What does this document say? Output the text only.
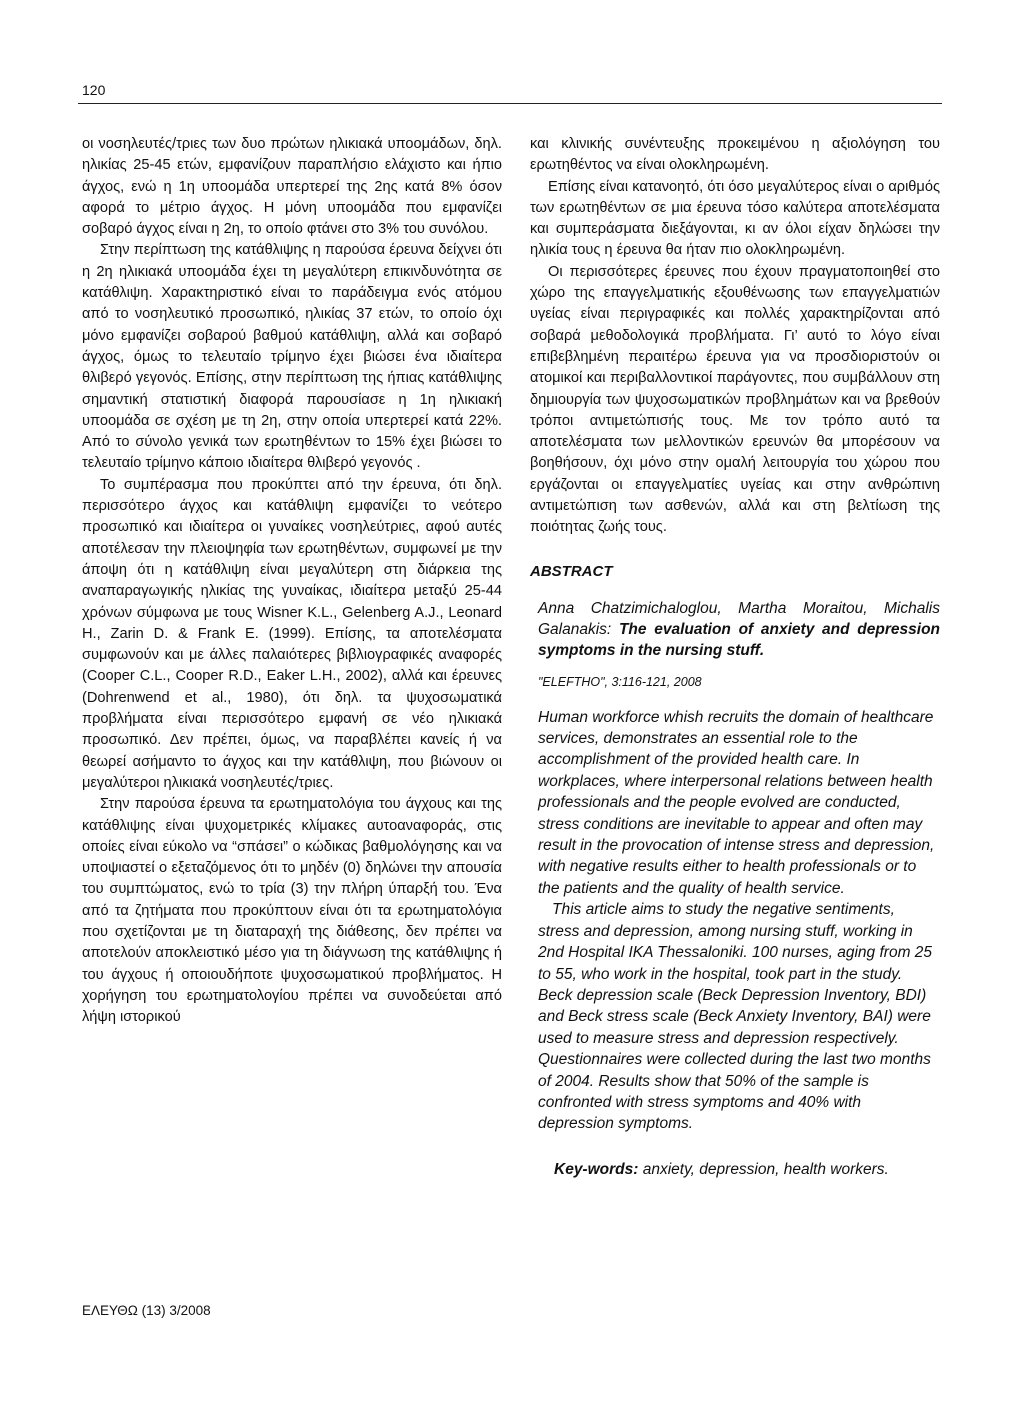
120

οι νοσηλευτές/τριες των δυο πρώτων ηλικιακά υποομάδων, δηλ. ηλικίας 25-45 ετών, εμφανίζουν παραπλήσιο ελάχιστο και ήπιο άγχος, ενώ η 1η υποομάδα υπερτερεί της 2ης κατά 8% όσον αφορά το μέτριο άγχος. Η μόνη υποομάδα που εμφανίζει σοβαρό άγχος είναι η 2η, το οποίο φτάνει στο 3% του συνόλου.

Στην περίπτωση της κατάθλιψης η παρούσα έρευνα δείχνει ότι η 2η ηλικιακά υποομάδα έχει τη μεγαλύτερη επικινδυνότητα σε κατάθλιψη. Χαρακτηριστικό είναι το παράδειγμα ενός ατόμου από το νοσηλευτικό προσωπικό, ηλικίας 37 ετών, το οποίο όχι μόνο εμφανίζει σοβαρού βαθμού κατάθλιψη, αλλά και σοβαρό άγχος, όμως το τελευταίο τρίμηνο έχει βιώσει ένα ιδιαίτερα θλιβερό γεγονός. Επίσης, στην περίπτωση της ήπιας κατάθλιψης σημαντική στατιστική διαφορά παρουσίασε η 1η ηλικιακή υποομάδα σε σχέση με τη 2η, στην οποία υπερτερεί κατά 22%. Από το σύνολο γενικά των ερωτηθέντων το 15% έχει βιώσει το τελευταίο τρίμηνο κάποιο ιδιαίτερα θλιβερό γεγονός .

Το συμπέρασμα που προκύπτει από την έρευνα, ότι δηλ. περισσότερο άγχος και κατάθλιψη εμφανίζει το νεότερο προσωπικό και ιδιαίτερα οι γυναίκες νοσηλεύτριες, αφού αυτές αποτέλεσαν την πλειοψηφία των ερωτηθέντων, συμφωνεί με την άποψη ότι η κατάθλιψη είναι μεγαλύτερη στη διάρκεια της αναπαραγωγικής ηλικίας της γυναίκας, ιδιαίτερα μεταξύ 25-44 χρόνων σύμφωνα με τους Wisner K.L., Gelenberg A.J., Leonard H., Zarin D. & Frank E. (1999). Επίσης, τα αποτελέσματα συμφωνούν και με άλλες παλαιότερες βιβλιογραφικές αναφορές (Cooper C.L., Cooper R.D., Eaker L.H., 2002), αλλά και έρευνες (Dohrenwend et al., 1980), ότι δηλ. τα ψυχοσωματικά προβλήματα είναι περισσότερο εμφανή σε νέο ηλικιακά προσωπικό. Δεν πρέπει, όμως, να παραβλέπει κανείς ή να θεωρεί ασήμαντο το άγχος και την κατάθλιψη, που βιώνουν οι μεγαλύτεροι ηλικιακά νοσηλευτές/τριες.

Στην παρούσα έρευνα τα ερωτηματολόγια του άγχους και της κατάθλιψης είναι ψυχομετρικές κλίμακες αυτοαναφοράς, στις οποίες είναι εύκολο να “σπάσει” ο κώδικας βαθμολόγησης και να υποψιαστεί ο εξεταζόμενος ότι το μηδέν (0) δηλώνει την απουσία του συμπτώματος, ενώ το τρία (3) την πλήρη ύπαρξή του. Ένα από τα ζητήματα που προκύπτουν είναι ότι τα ερωτηματολόγια που σχετίζονται με τη διαταραχή της διάθεσης, δεν πρέπει να αποτελούν αποκλειστικό μέσο για τη διάγνωση της κατάθλιψης ή του άγχους ή οποιουδήποτε ψυχοσωματικού προβλήματος. Η χορήγηση του ερωτηματολογίου πρέπει να συνοδεύεται από λήψη ιστορικού

και κλινικής συνέντευξης προκειμένου η αξιολόγηση του ερωτηθέντος να είναι ολοκληρωμένη.

Επίσης είναι κατανοητό, ότι όσο μεγαλύτερος είναι ο αριθμός των ερωτηθέντων σε μια έρευνα τόσο καλύτερα αποτελέσματα και συμπεράσματα διεξάγονται, κι αν όλοι είχαν δηλώσει την ηλικία τους η έρευνα θα ήταν πιο ολοκληρωμένη.

Οι περισσότερες έρευνες που έχουν πραγματοποιηθεί στο χώρο της επαγγελματικής εξουθένωσης των επαγγελματιών υγείας είναι περιγραφικές και πολλές χαρακτηρίζονται από σοβαρά μεθοδολογικά προβλήματα. Γι’ αυτό το λόγο είναι επιβεβλημένη περαιτέρω έρευνα για να προσδιοριστούν οι ατομικοί και περιβαλλοντικοί παράγοντες, που συμβάλλουν στη δημιουργία των ψυχοσωματικών προβλημάτων και να βρεθούν τρόποι αντιμετώπισής τους. Με τον τρόπο αυτό τα αποτελέσματα των μελλοντικών ερευνών θα μπορέσουν να βοηθήσουν, όχι μόνο στην ομαλή λειτουργία του χώρου που εργάζονται οι επαγγελματίες υγείας και στην ανθρώπινη αντιμετώπιση των ασθενών, αλλά και στη βελτίωση της ποιότητας ζωής τους.

ABSTRACT
Anna Chatzimichaloglou, Martha Moraitou, Michalis Galanakis: The evaluation of anxiety and depression symptoms in the nursing stuff.
"ELEFTHO", 3:116-121, 2008

Human workforce whish recruits the domain of healthcare services, demonstrates an essential role to the accomplishment of the provided health care. In workplaces, where interpersonal relations between health professionals and the people evolved are conducted, stress conditions are inevitable to appear and often may result in the provocation of intense stress and depression, with negative results either to health professionals or to the patients and the quality of health service.

This article aims to study the negative sentiments, stress and depression, among nursing stuff, working in 2nd Hospital IKA Thessaloniki. 100 nurses, aging from 25 to 55, who work in the hospital, took part in the study. Beck depression scale (Beck Depression Inventory, BDI) and Beck stress scale (Beck Anxiety Inventory, BAI) were used to measure stress and depression respectively. Questionnaires were collected during the last two months of 2004. Results show that 50% of the sample is confronted with stress symptoms and 40% with depression symptoms.

Key-words: anxiety, depression, health workers.
ΕΛΕΥΘΩ (13) 3/2008
